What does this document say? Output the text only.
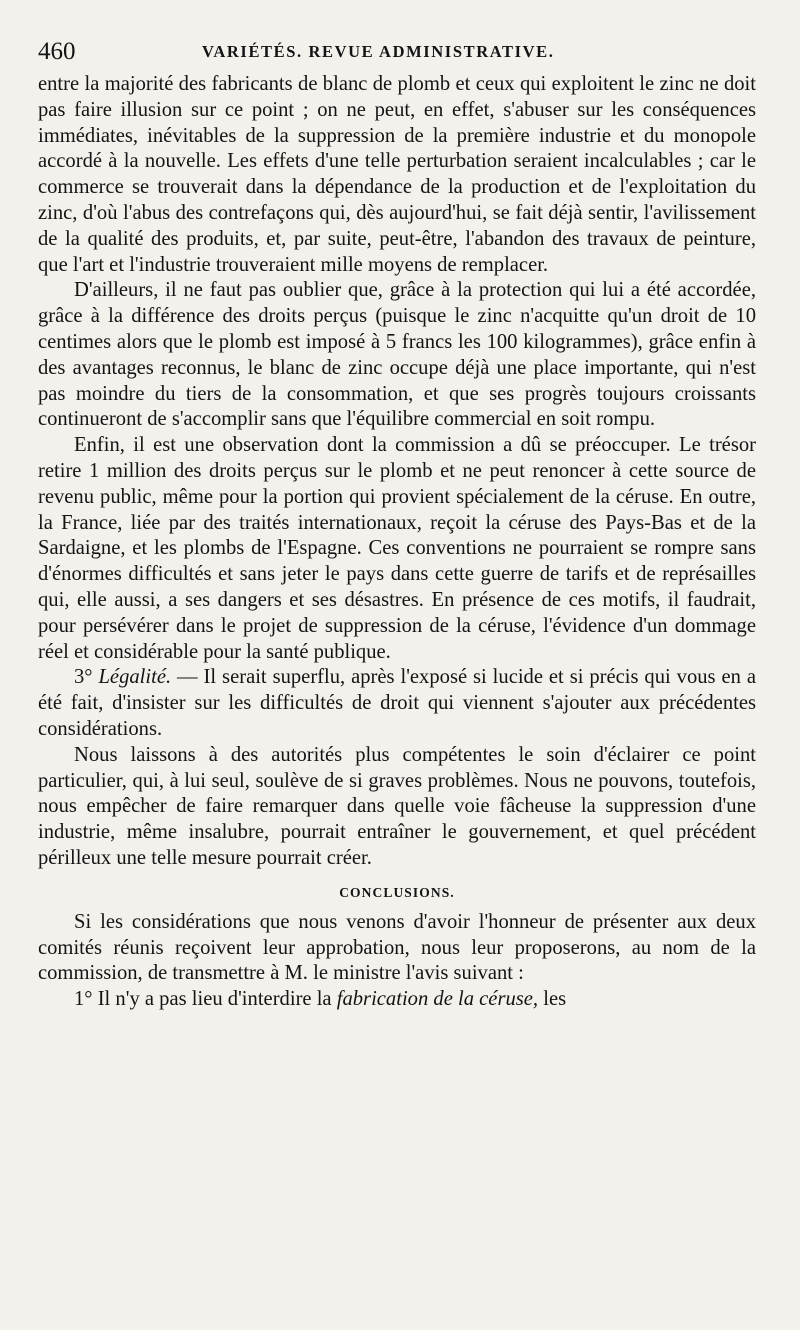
460	VARIÉTÉS. REVUE ADMINISTRATIVE.

entre la majorité des fabricants de blanc de plomb et ceux qui exploitent le zinc ne doit pas faire illusion sur ce point ; on ne peut, en effet, s'abuser sur les conséquences immédiates, inévitables de la suppression de la première industrie et du monopole accordé à la nouvelle. Les effets d'une telle perturbation seraient incalculables ; car le commerce se trouverait dans la dépendance de la production et de l'exploitation du zinc, d'où l'abus des contrefaçons qui, dès aujourd'hui, se fait déjà sentir, l'avilissement de la qualité des produits, et, par suite, peut-être, l'abandon des travaux de peinture, que l'art et l'industrie trouveraient mille moyens de remplacer.

D'ailleurs, il ne faut pas oublier que, grâce à la protection qui lui a été accordée, grâce à la différence des droits perçus (puisque le zinc n'acquitte qu'un droit de 10 centimes alors que le plomb est imposé à 5 francs les 100 kilogrammes), grâce enfin à des avantages reconnus, le blanc de zinc occupe déjà une place importante, qui n'est pas moindre du tiers de la consommation, et que ses progrès toujours croissants continueront de s'accomplir sans que l'équilibre commercial en soit rompu.

Enfin, il est une observation dont la commission a dû se préoccuper. Le trésor retire 1 million des droits perçus sur le plomb et ne peut renoncer à cette source de revenu public, même pour la portion qui provient spécialement de la céruse. En outre, la France, liée par des traités internationaux, reçoit la céruse des Pays-Bas et de la Sardaigne, et les plombs de l'Espagne. Ces conventions ne pourraient se rompre sans d'énormes difficultés et sans jeter le pays dans cette guerre de tarifs et de représailles qui, elle aussi, a ses dangers et ses désastres. En présence de ces motifs, il faudrait, pour persévérer dans le projet de suppression de la céruse, l'évidence d'un dommage réel et considérable pour la santé publique.

3° Légalité. — Il serait superflu, après l'exposé si lucide et si précis qui vous en a été fait, d'insister sur les difficultés de droit qui viennent s'ajouter aux précédentes considérations.

Nous laissons à des autorités plus compétentes le soin d'éclairer ce point particulier, qui, à lui seul, soulève de si graves problèmes. Nous ne pouvons, toutefois, nous empêcher de faire remarquer dans quelle voie fâcheuse la suppression d'une industrie, même insalubre, pourrait entraîner le gouvernement, et quel précédent périlleux une telle mesure pourrait créer.

CONCLUSIONS.

Si les considérations que nous venons d'avoir l'honneur de présenter aux deux comités réunis reçoivent leur approbation, nous leur proposerons, au nom de la commission, de transmettre à M. le ministre l'avis suivant :

1° Il n'y a pas lieu d'interdire la fabrication de la céruse, les
